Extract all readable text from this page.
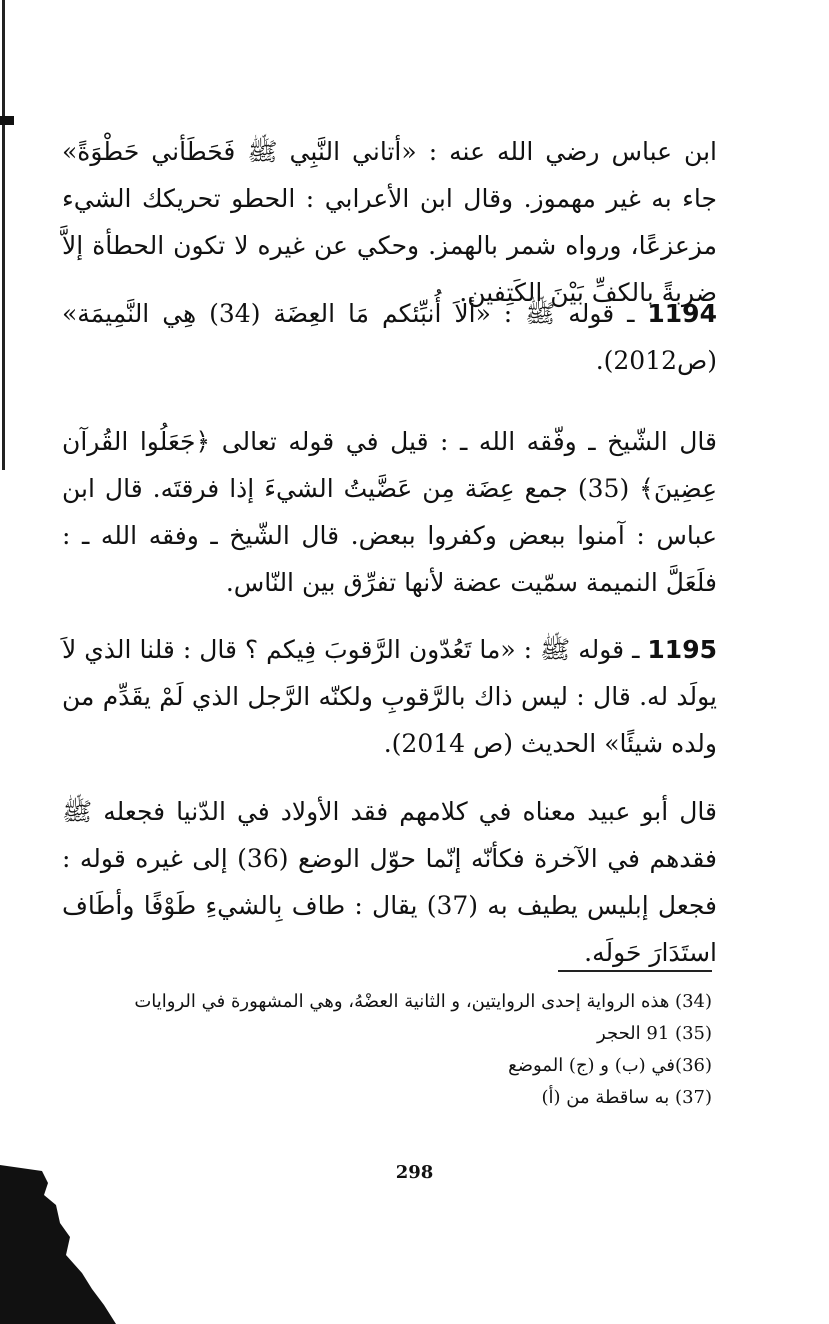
ابن عباس رضي الله عنه : «أتاني النَّبِي ﷺ فَحَطَأني حَطْوَةً» جاء به غير مهموز. وقال ابن الأعرابي : الحطو تحريكك الشيء مزعزعًا، ورواه شمر بالهمز. وحكي عن غيره لا تكون الحطأة إلاَّ ضربةً بالكفِّ بَيْنَ الكَتِفين.
1194 ـ قوله ﷺ : «ألاَ أُنبِّئكم مَا العِضَة (34) هِي النَّمِيمَة» (ص2012).
قال الشّيخ ـ وفّقه الله ـ : قيل في قوله تعالى ﴿جَعَلُوا القُرآن عِضِينَ﴾ (35) جمع عِضَة مِن عَضَّيتُ الشيءَ إذا فرقتَه. قال ابن عباس : آمنوا ببعض وكفروا ببعض. قال الشّيخ ـ وفقه الله ـ : فلَعَلَّ النميمة سمّيت عضة لأنها تفرِّق بين النّاس.
1195 ـ قوله ﷺ : «ما تَعُدّون الرَّقوبَ فِيكم ؟ قال : قلنا الذي لاَ يولَد له. قال : ليس ذاك بالرَّقوبِ ولكنّه الرَّجل الذي لَمْ يقَدِّم من ولده شيئًا» الحديث (ص 2014).
قال أبو عبيد معناه في كلامهم فقد الأولاد في الدّنيا فجعله ﷺ فقدهم في الآخرة فكأنّه إنّما حوّل الوضع (36) إلى غيره قوله : فجعل إبليس يطيف به (37) يقال : طاف بِالشيءِ طَوْفًا وأطَاف استَدَارَ حَولَه.
(34) هذه الرواية إحدى الروايتين، و الثانية العضْهُ، وهي المشهورة في الروايات
(35) 91 الحجر
(36)في (ب) و (ج) الموضع
(37) به ساقطة من (أ)
298
